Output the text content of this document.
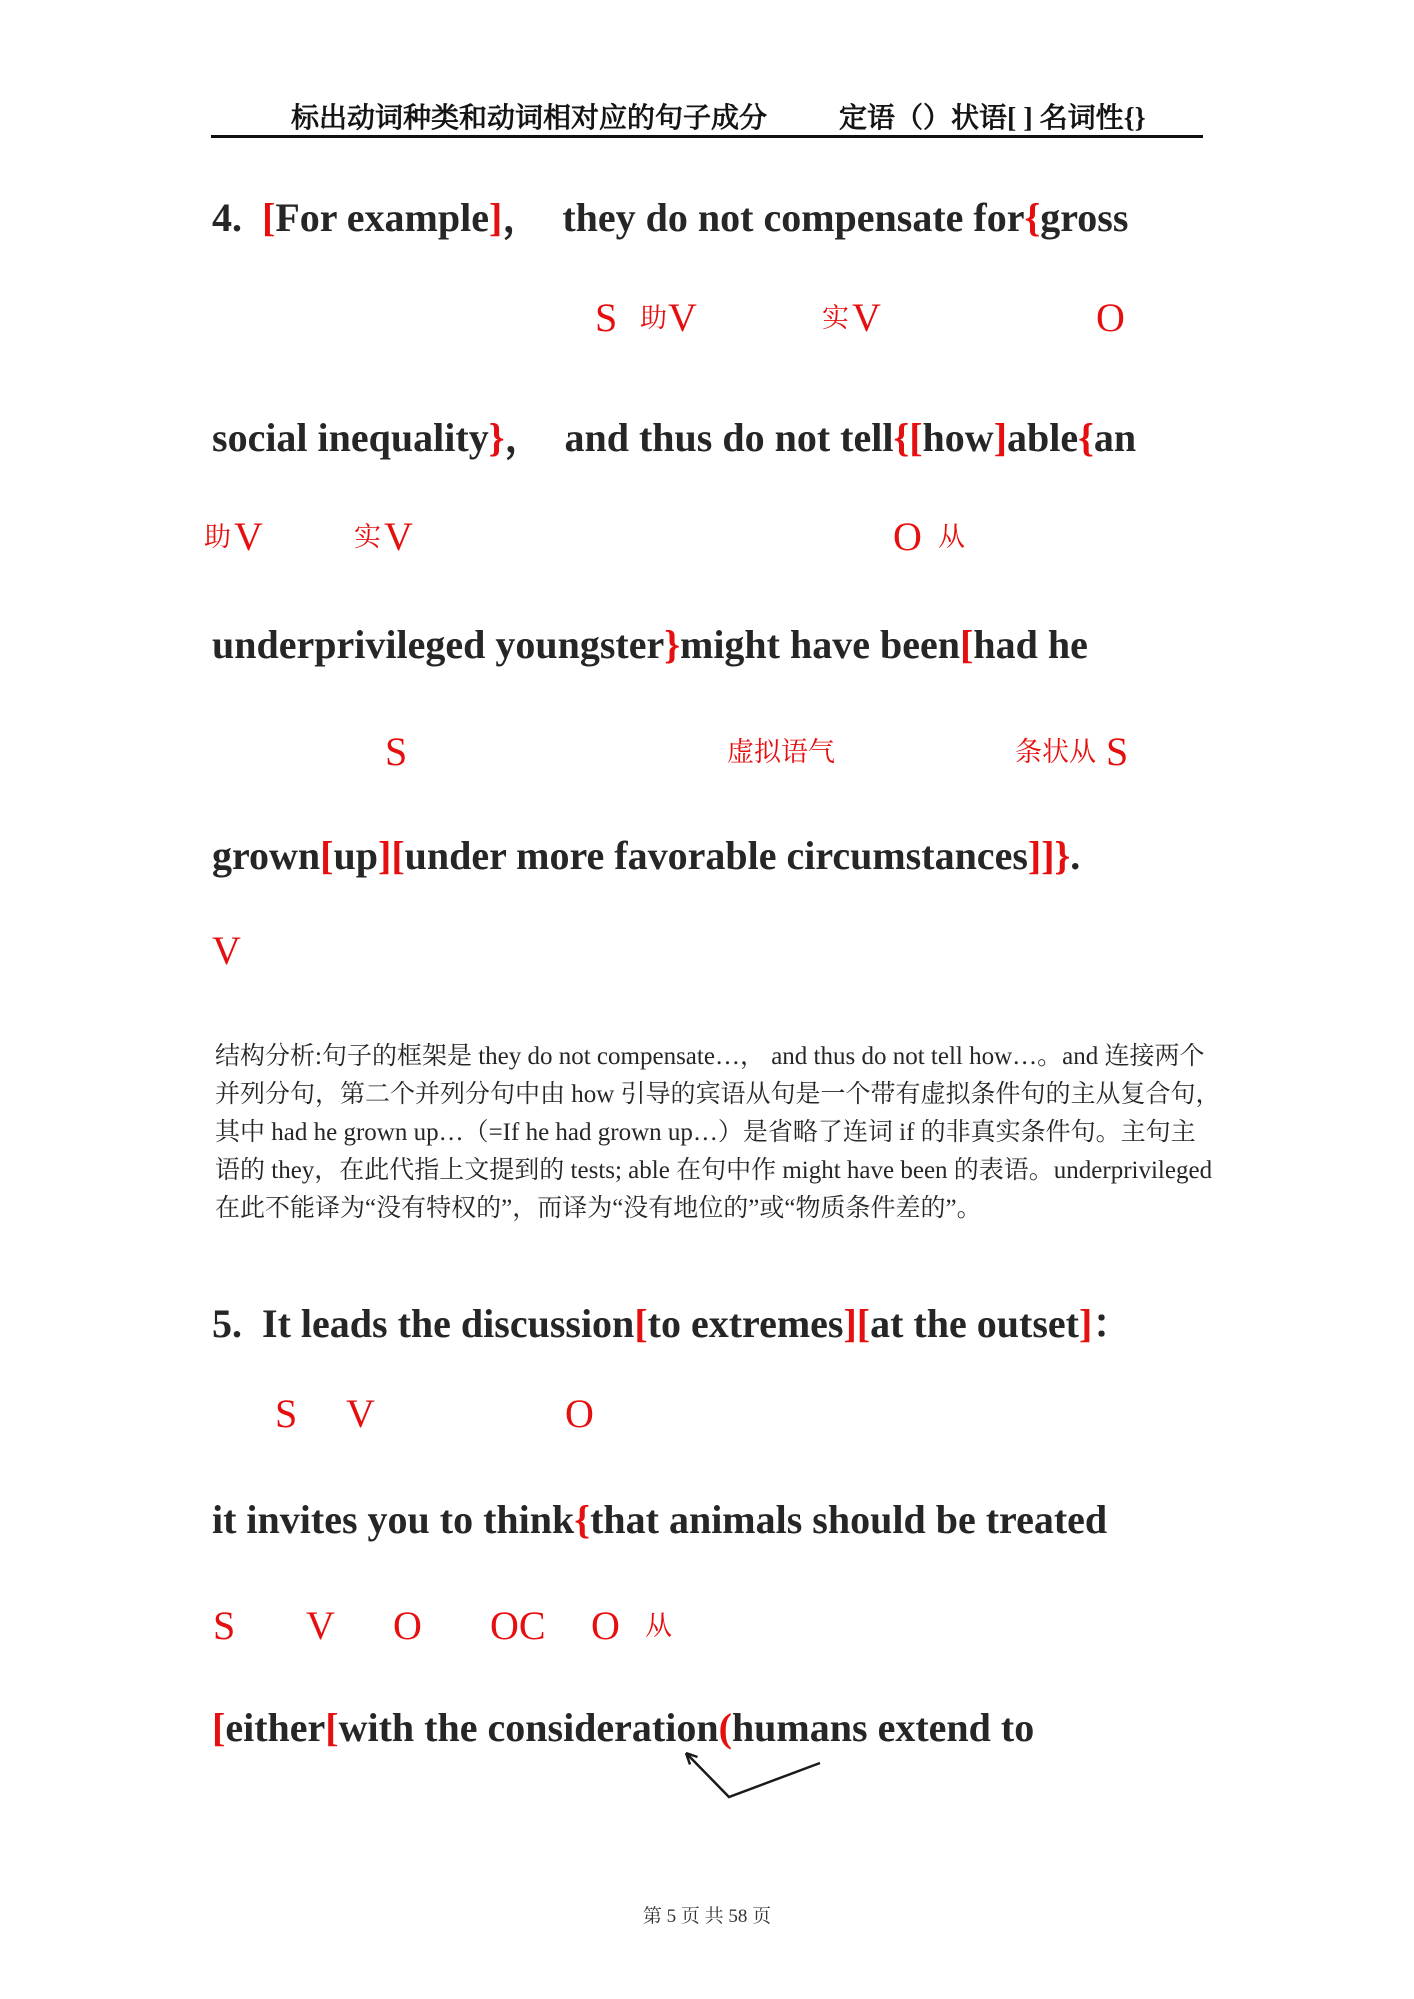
标出动词种类和动词相对应的句子成分	定语（）状语[ ] 名词性{}
4.  [For example]，  they do not compensate for{gross
S 助 V	实 V	O
social inequality}，  and thus do not tell{[how]able{an
助 V	实 V	O 从
underprivileged youngster}might have been[had he
S	虚拟语气	条状从 S
grown[up][under more favorable circumstances]]}.
V
结构分析:句子的框架是 they do not compensate…， and thus do not tell how…。and 连接两个
并列分句，第二个并列分句中由 how 引导的宾语从句是一个带有虚拟条件句的主从复合句，
其中 had he grown up…（=If he had grown up…）是省略了连词 if 的非真实条件句。主句主
语的 they，在此代指上文提到的 tests; able 在句中作 might have been 的表语。underprivileged
在此不能译为“没有特权的”，而译为“没有地位的”或“物质条件差的”。
5.  It leads the discussion[to extremes][at the outset]：
S V	O
it invites you to think{that animals should be treated
S V O OC O 从
[either[with the consideration(humans extend to
第 5 页 共 58 页
